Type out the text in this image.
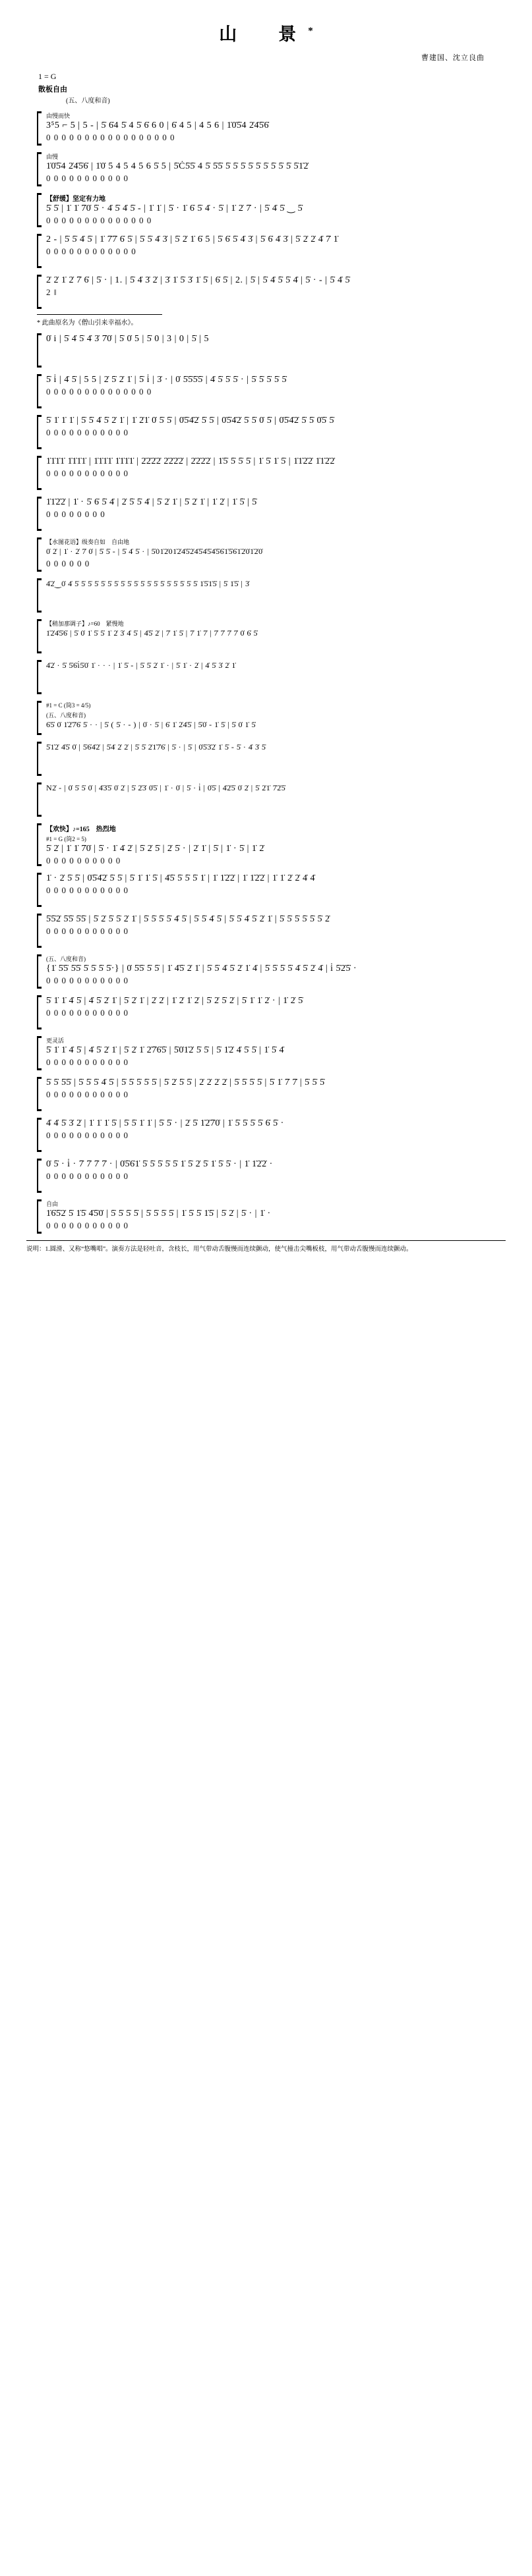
山　景*
曹建国、沈立良曲
1 = G
散板自由
(五、八度和音)
由慢而快
3⁵5 ⌐ 5 | 5 - | 5̇ 6̇4 5̇ 4 5̇ 6̇ 6 0 | 6̇ 4 5 | 4 5 6 | 1̇0̇5̇4 2̇4̇5̇6̇
0 0 0 0 0 0 0 0 0 0 0 0 0 0 0 0 0
由慢
1̇0̇5̇4 2̇4̇5̇6̇ | 1̇0̇ 5 4 5 4 5 6 5̇ 5 | 5̇Ċ5̇5̇ 4 5̇ 5̇5̇ 5̇ 5̇ 5̇ 5̇ 5̇ 5̇ 5̇ 5̇ 5̇ 5̇1̇2̇
0 0 0 0 0 0 0 0 0 0 0
【舒缓】坚定有力地
5̇ 5̇ | 1̇ 1̇ 7̇0̇ 5̇ · 4̇ 5̇ 4̇ 5̇ - | 1̇ 1̇ | 5̇ · 1̇ 6̇ 5̇ 4̇ · 5̇ | 1̇ 2̇ 7̇ · | 5̇ 4̇ 5̇ ‿ 5̇
0 0 0 0 0 0 0 0 0 0 0 0 0 0
2 - | 5̇ 5̇ 4̇ 5̇ | 1̇ 7̇7̇ 6̇ 5̇ | 5̇ 5̇ 4̇ 3̇ | 5̇ 2̇ 1̇ 6̇ 5 | 5̇ 6̇ 5̇ 4̇ 3̇ | 5̇ 6̇ 4̇ 3̇ | 5̇ 2̇ 2̇ 4̇ 7̇ 1̇
0 0 0 0 0 0 0 0 0 0 0 0
2̇ 2̇ 1̇ 2̇ 7̇ 6̇ | 5̇ · | 1. | 5̇ 4̇ 3̇ 2̇ | 3̇ 1̇ 5̇ 3̇ 1̇ 5̇ | 6̇ 5̇ | 2. | 5̇ | 5̇ 4̇ 5̇ 5̇ 4̇ | 5̇ · - | 5̇ 4̇ 5̇
2 ‖
* 此曲原名为《僧山引来幸福水》。
0̇ i | 5̇ 4̇ 5̇ 4̇ 3̇ 7̇0̇ | 5̇ 0̇ 5 | 5̇ 0 | 3 | 0 | 5̇ | 5
5̇ i̇ | 4̇ 5̇ | 5 5 | 2̇ 5̇ 2̇ 1̇ | 5̇ i̇ | 3̇ · | 0̇ 5̇5̇5̇5̇ | 4̇ 5̇ 5̇ 5̇ · | 5̇ 5̇ 5̇ 5̇ 5̇
0 0 0 0 0 0 0 0 0 0 0 0 0 0
5̇ 1̇ 1̇ 1̇ | 5̇ 5̇ 4̇ 5̇ 2̇ 1̇ | 1̇ 2̇1̇ 0̇ 5̇ 5̇ | 0̇5̇4̇2̇ 5̇ 5̇ | 0̇5̇4̇2̇ 5̇ 5̇ 0̇ 5̇ | 0̇5̇4̇2̇ 5̇ 5̇ 0̇5̇ 5̇
0 0 0 0 0 0 0 0 0 0 0
1̇1̇1̇1̇ 1̇1̇1̇1̇ | 1̇1̇1̇1̇ 1̇1̇1̇1̇ | 2̇2̇2̇2̇ 2̇2̇2̇2̇ | 2̇2̇2̇2̇ | 1̇5̇ 5̇ 5̇ 5̇ | 1̇ 5̇ 1̇ 5̇ | 1̇1̇2̇2̇ 1̇1̇2̇2̇
0 0 0 0 0 0 0 0 0 0 0
1̇1̇2̇2̇ | 1̇ · 5̇ 6̇ 5̇ 4̇ | 2̇ 5̇ 5̇ 4̇ | 5̇ 2̇ 1̇ | 5̇ 2̇ 1̇ | 1̇ 2̇ | 1̇ 5̇ | 5̇
0 0 0 0 0 0 0 0
【水图花语】级奏自如　自由地
0̇ 2̇ | 1̇ · 2̇ 7̇ 0̇ | 5̇ 5̇ - | 5̇ 4̇ 5̇ · | 5̇01̇2̇01̇2̇4̇5̇2̇4̇5̇4̇5̇4̇5̇6̇1̇5̇6̇1̇2̇0̇1̇2̇0̇
0 0 0 0 0 0
4̇2̇‿0̇ 4̇ 5̇ 5̇ 5̇ 5̇ 5̇ 5̇ 5̇ 5̇ 5̇ 5̇ 5̇ 5̇ 5̇ 5̇ 5̇ 5̇ 5̇ 5̇ 5̇ 1̇5̇1̇5̇ | 5̇ 1̇5̇ | 3̇
【稍加那调子】♪=60　紧慢地
1̇2̇4̇5̇6̇ | 5̇ 0̇ 1̇ 5̇ 5̇ 1̇ 2̇ 3̇ 4̇ 5̇ | 4̇5̇ 2̇ | 7̇ 1̇ 5̇ | 7̇ 1̇ 7̇ | 7̇ 7̇ 7̇ 7̇ 0̇ 6̇ 5̇
4̇2̇ · 5̇ 5̇6̇i̇5̇0̇ 1̇ · · · | 1̇ 5̇ - | 5̇ 5̇ 2̇ 1̇ · | 5̇ 1̇ · 2̇ | 4̇ 5̇ 3̇ 2̇ 1̇
#1 = C (筒3 = 4/5)
(五、八度和音)
6̇5̇ 0̇ 1̇2̇7̇6̇ 5̇ · · | 5̇ ( 5̇ · - ) | 0̇ · 5̇ | 6̇ 1̇ 2̇4̇5̇ | 5̇0̇ - 1̇ 5̇ | 5̇ 0̇ 1̇ 5̇
5̇1̇2̇ 4̇5̇ 0̇ | 5̇6̇4̇2̇ | 5̇4̇ 2̇ 2̇ | 5̇ 5̇ 2̇1̇7̇6̇ | 5̇ · | 5̇ | 0̇5̇3̇2̇ 1̇ 5̇ - 5̇ · 4̇ 3̇ 5̇
N2̇ - | 0̇ 5̇ 5̇ 0̇ | 4̇3̇5̇ 0̇ 2̇ | 5̇ 2̇3̇ 0̇5̇ | 1̇ · 0̇ | 5̇ · i̇ | 0̇5̇ | 4̇2̇5̇ 0̇ 2̇ | 5̇ 2̇1̇ 7̇2̇5̇
【欢快】♪=165　热烈地
#1 = G (筒2 = 5)
5̇ 2̇ | 1̇ 1̇ 7̇0̇ | 5̇ · 1̇ 4̇ 2̇ | 5̇ 2̇ 5̇ | 2̇ 5̇ · | 2̇ 1̇ | 5̇ | 1̇ · 5̇ | 1̇ 2̇
0 0 0 0 0 0 0 0 0 0
1̇ · 2̇ 5̇ 5̇ | 0̇5̇4̇2̇ 5̇ 5̇ | 5̇ 1̇ 1̇ 5̇ | 4̇5̇ 5̇ 5̇ 5̇ 1̇ | 1̇ 1̇2̇2̇ | 1̇ 1̇2̇2̇ | 1̇ 1̇ 2̇ 2̇ 4̇ 4̇
0 0 0 0 0 0 0 0 0 0 0
5̇5̇2̇ 5̇5̇ 5̇5̇ | 5̇ 2̇ 5̇ 5̇ 2̇ 1̇ | 5̇ 5̇ 5̇ 5̇ 4̇ 5̇ | 5̇ 5̇ 4̇ 5̇ | 5̇ 5̇ 4̇ 5̇ 2̇ 1̇ | 5̇ 5̇ 5̇ 5̇ 5̇ 5̇ 2̇
0 0 0 0 0 0 0 0 0 0 0
(五、八度和音)
{1̇ 5̇5̇ 5̇5̇ 5̇ 5̇ 5̇ 5̇·} | 0̇ 5̇5̇ 5̇ 5̇ | 1̇ 4̇5̇ 2̇ 1̇ | 5̇ 5̇ 4̇ 5̇ 2̇ 1̇ 4̇ | 5̇ 5̇ 5̇ 5̇ 4̇ 5̇ 2̇ 4̇ | i̇ 5̇2̇5̇ ·
0 0 0 0 0 0 0 0 0 0 0
5̇ 1̇ 1̇ 4̇ 5̇ | 4̇ 5̇ 2̇ 1̇ | 5̇ 2̇ 1̇ | 2̇ 2̇ | 1̇ 2̇ 1̇ 2̇ | 5̇ 2̇ 5̇ 2̇ | 5̇ 1̇ 1̇ 2̇ · | 1̇ 2̇ 5̇
0 0 0 0 0 0 0 0 0 0 0
更灵活
5̇ 1̇ 1̇ 4̇ 5̇ | 4̇ 5̇ 2̇ 1̇ | 5̇ 2̇ 1̇ 2̇7̇6̇5̇ | 5̇0̇1̇2̇ 5̇ 5̇ | 5̇ 1̇2̇ 4̇ 5̇ 5̇ | 1̇ 5̇ 4̇
0 0 0 0 0 0 0 0 0 0 0
5̇ 5̇ 5̇5̇ | 5̇ 5̇ 5̇ 4̇ 5̇ | 5̇ 5̇ 5̇ 5̇ 5̇ | 5̇ 2̇ 5̇ 5̇ | 2̇ 2̇ 2̇ 2̇ | 5̇ 5̇ 5̇ 5̇ | 5̇ 1̇ 7̇ 7̇ | 5̇ 5̇ 5̇
0 0 0 0 0 0 0 0 0 0 0
4̇ 4̇ 5̇ 3̇ 2̇ | 1̇ 1̇ 1̇ 5̇ | 5̇ 5̇ 1̇ 1̇ | 5̇ 5̇ · | 2̇ 5̇ 1̇2̇7̇0̇ | 1̇ 5̇ 5̇ 5̇ 5̇ 6̇ 5̇ ·
0 0 0 0 0 0 0 0 0 0 0
0̇ 5̇ · i̇ · 7̇ 7̇ 7̇ 7̇ · | 0̇5̇6̇1̇ 5̇ 5̇ 5̇ 5̇ 5̇ 1̇ 5̇ 2̇ 5̇ 1̇ 5̇ 5̇ · | 1̇ 1̇2̇2̇ ·
0 0 0 0 0 0 0 0 0 0 0
自由
1̇6̇5̇2̇ 5̇ 1̇5̇ 4̇5̇0̇ | 5̇ 5̇ 5̇ 5̇ | 5̇ 5̇ 5̇ 5̇ | 1̇ 5̇ 5̇ 1̇5̇ | 5̇ 2̇ | 5̇ · | 1̇ ·
0 0 0 0 0 0 0 0 0 0 0
说明：1.圆滑、又称“悠嘴唱”。演奏方法是轻吐音，含枝长，用气带动舌腹慢而连续颤动，使气撞击尖嘴板枝，用气带动舌腹慢而连续颤动。
